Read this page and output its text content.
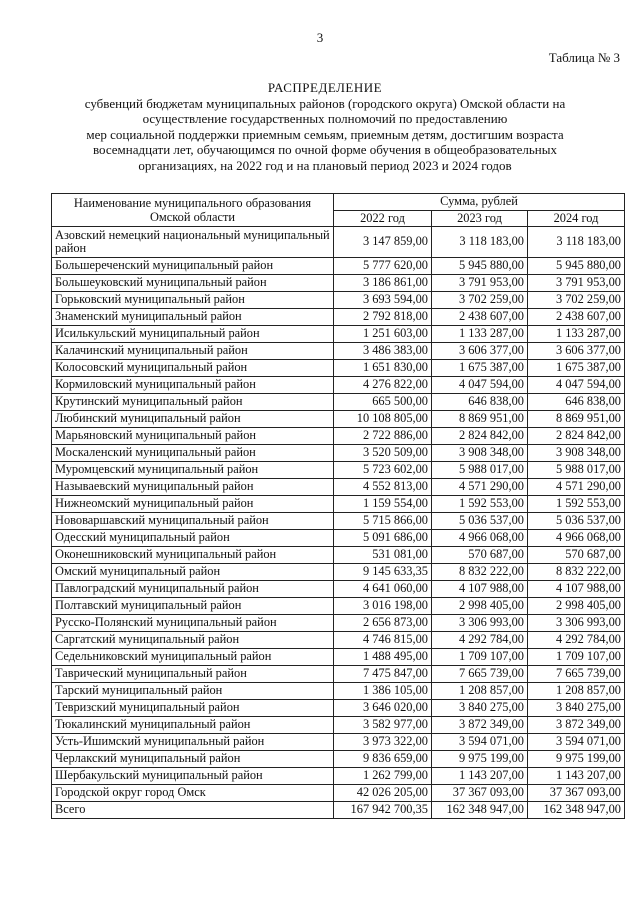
3
Таблица № 3
РАСПРЕДЕЛЕНИЕ
субвенций бюджетам муниципальных районов (городского округа) Омской области на
осуществление государственных полномочий по предоставлению
мер социальной поддержки приемным семьям, приемным детям, достигшим возраста
восемнадцати лет, обучающимся по очной форме обучения в общеобразовательных
организациях, на 2022 год и на плановый период 2023 и 2024 годов
Наименование муниципального образования Омской области	Сумма, рублей		
	2022 год	2023 год	2024 год
Азовский немецкий национальный муниципальный район	3 147 859,00	3 118 183,00	3 118 183,00
Большереченский муниципальный район	5 777 620,00	5 945 880,00	5 945 880,00
Большеуковский муниципальный район	3 186 861,00	3 791 953,00	3 791 953,00
Горьковский муниципальный район	3 693 594,00	3 702 259,00	3 702 259,00
Знаменский муниципальный район	2 792 818,00	2 438 607,00	2 438 607,00
Исилькульский муниципальный район	1 251 603,00	1 133 287,00	1 133 287,00
Калачинский муниципальный район	3 486 383,00	3 606 377,00	3 606 377,00
Колосовский муниципальный район	1 651 830,00	1 675 387,00	1 675 387,00
Кормиловский муниципальный район	4 276 822,00	4 047 594,00	4 047 594,00
Крутинский муниципальный район	665 500,00	646 838,00	646 838,00
Любинский муниципальный район	10 108 805,00	8 869 951,00	8 869 951,00
Марьяновский муниципальный район	2 722 886,00	2 824 842,00	2 824 842,00
Москаленский муниципальный район	3 520 509,00	3 908 348,00	3 908 348,00
Муромцевский муниципальный район	5 723 602,00	5 988 017,00	5 988 017,00
Называевский муниципальный район	4 552 813,00	4 571 290,00	4 571 290,00
Нижнеомский муниципальный район	1 159 554,00	1 592 553,00	1 592 553,00
Нововаршавский муниципальный район	5 715 866,00	5 036 537,00	5 036 537,00
Одесский муниципальный район	5 091 686,00	4 966 068,00	4 966 068,00
Оконешниковский муниципальный район	531 081,00	570 687,00	570 687,00
Омский муниципальный район	9 145 633,35	8 832 222,00	8 832 222,00
Павлоградский муниципальный район	4 641 060,00	4 107 988,00	4 107 988,00
Полтавский муниципальный район	3 016 198,00	2 998 405,00	2 998 405,00
Русско-Полянский муниципальный район	2 656 873,00	3 306 993,00	3 306 993,00
Саргатский муниципальный район	4 746 815,00	4 292 784,00	4 292 784,00
Седельниковский муниципальный район	1 488 495,00	1 709 107,00	1 709 107,00
Таврический муниципальный район	7 475 847,00	7 665 739,00	7 665 739,00
Тарский муниципальный район	1 386 105,00	1 208 857,00	1 208 857,00
Тевризский муниципальный район	3 646 020,00	3 840 275,00	3 840 275,00
Тюкалинский муниципальный район	3 582 977,00	3 872 349,00	3 872 349,00
Усть-Ишимский муниципальный район	3 973 322,00	3 594 071,00	3 594 071,00
Черлакский муниципальный район	9 836 659,00	9 975 199,00	9 975 199,00
Шербакульский муниципальный район	1 262 799,00	1 143 207,00	1 143 207,00
Городской округ город Омск	42 026 205,00	37 367 093,00	37 367 093,00
Всего	167 942 700,35	162 348 947,00	162 348 947,00
